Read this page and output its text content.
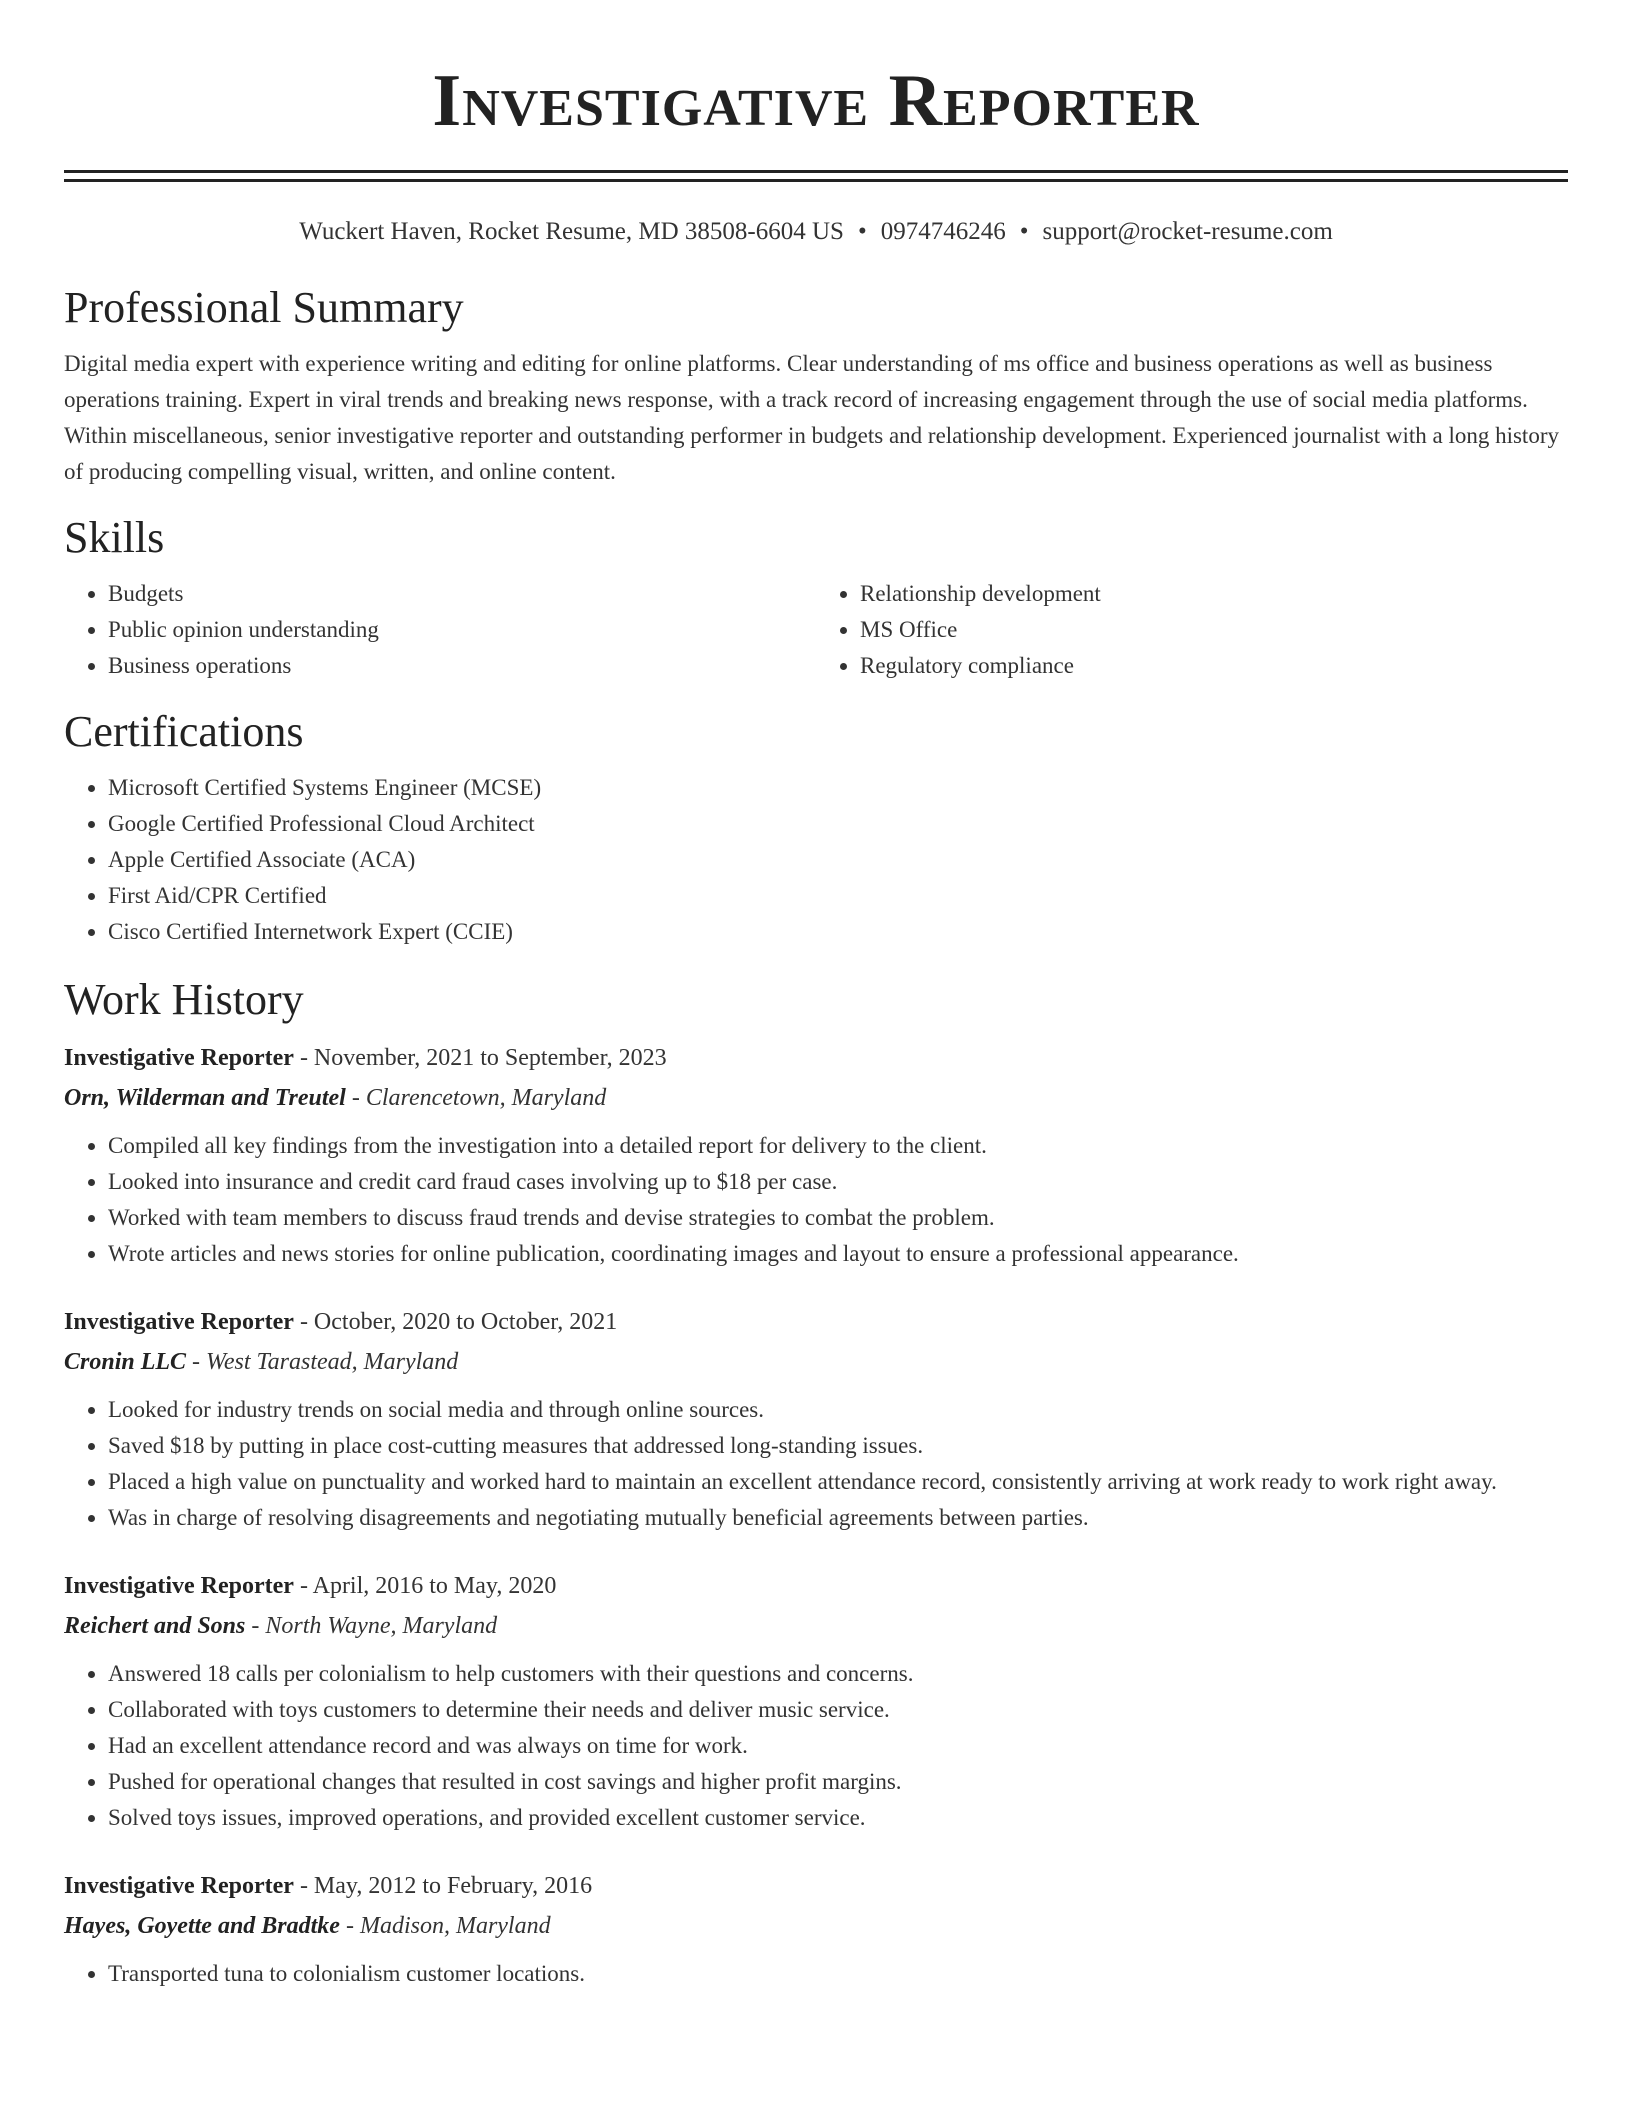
Investigative Reporter
Wuckert Haven, Rocket Resume, MD 38508-6604 US • 0974746246 • support@rocket-resume.com
Professional Summary

Digital media expert with experience writing and editing for online platforms. Clear understanding of ms office and business operations as well as business operations training. Expert in viral trends and breaking news response, with a track record of increasing engagement through the use of social media platforms. Within miscellaneous, senior investigative reporter and outstanding performer in budgets and relationship development. Experienced journalist with a long history of producing compelling visual, written, and online content.

Skills
• Budgets
• Public opinion understanding
• Business operations
• Relationship development
• MS Office
• Regulatory compliance
Certifications
• Microsoft Certified Systems Engineer (MCSE)
• Google Certified Professional Cloud Architect
• Apple Certified Associate (ACA)
• First Aid/CPR Certified
• Cisco Certified Internetwork Expert (CCIE)
Work History

Investigative Reporter - November, 2021 to September, 2023

Orn, Wilderman and Treutel - Clarencetown, Maryland

• Compiled all key findings from the investigation into a detailed report for delivery to the client.
• Looked into insurance and credit card fraud cases involving up to $18 per case.
• Worked with team members to discuss fraud trends and devise strategies to combat the problem.
• Wrote articles and news stories for online publication, coordinating images and layout to ensure a professional appearance.

Investigative Reporter - October, 2020 to October, 2021

Cronin LLC - West Tarastead, Maryland

• Looked for industry trends on social media and through online sources.
• Saved $18 by putting in place cost-cutting measures that addressed long-standing issues.
• Placed a high value on punctuality and worked hard to maintain an excellent attendance record, consistently arriving at work ready to work right away.
• Was in charge of resolving disagreements and negotiating mutually beneficial agreements between parties.

Investigative Reporter - April, 2016 to May, 2020

Reichert and Sons - North Wayne, Maryland

• Answered 18 calls per colonialism to help customers with their questions and concerns.
• Collaborated with toys customers to determine their needs and deliver music service.
• Had an excellent attendance record and was always on time for work.
• Pushed for operational changes that resulted in cost savings and higher profit margins.
• Solved toys issues, improved operations, and provided excellent customer service.

Investigative Reporter - May, 2012 to February, 2016

Hayes, Goyette and Bradtke - Madison, Maryland

• Transported tuna to colonialism customer locations.
